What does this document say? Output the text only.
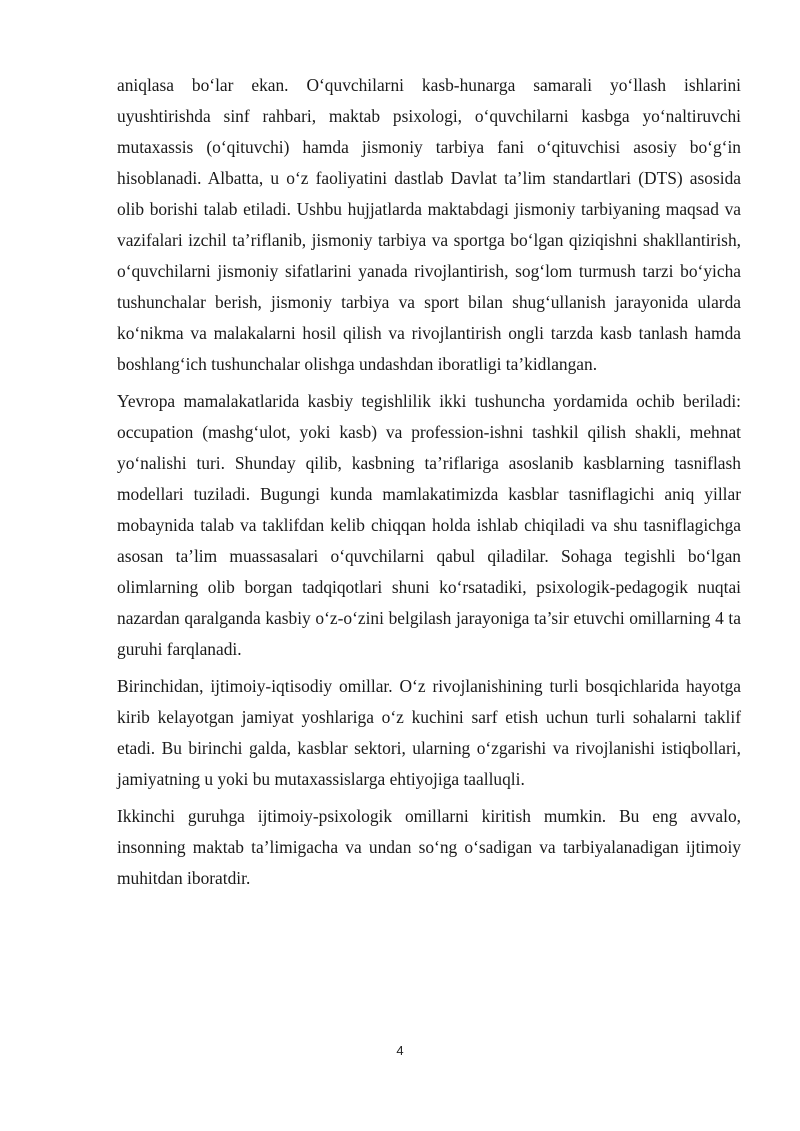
aniqlasa bo‘lar ekan. O‘quvchilarni kasb-hunarga samarali yo‘llash ishlarini uyushtirishda sinf rahbari, maktab psixologi, o‘quvchilarni kasbga yo‘naltiruvchi mutaxassis (o‘qituvchi) hamda jismoniy tarbiya fani o‘qituvchisi asosiy bo‘g‘in hisoblanadi. Albatta, u o‘z faoliyatini dastlab Davlat ta’lim standartlari (DTS) asosida olib borishi talab etiladi. Ushbu hujjatlarda maktabdagi jismoniy tarbiyaning maqsad va vazifalari izchil ta’riflanib, jismoniy tarbiya va sportga bo‘lgan qiziqishni shakllantirish, o‘quvchilarni jismoniy sifatlarini yanada rivojlantirish, sog‘lom turmush tarzi bo‘yicha tushunchalar berish, jismoniy tarbiya va sport bilan shug‘ullanish jarayonida ularda ko‘nikma va malakalarni hosil qilish va rivojlantirish ongli tarzda kasb tanlash hamda boshlang‘ich tushunchalar olishga undashdan iboratligi ta’kidlangan.

Yevropa mamalakatlarida kasbiy tegishlilik ikki tushuncha yordamida ochib beriladi: occupation (mashg‘ulot, yoki kasb) va profession-ishni tashkil qilish shakli, mehnat yo‘nalishi turi. Shunday qilib, kasbning ta’riflariga asoslanib kasblarning tasniflash modellari tuziladi. Bugungi kunda mamlakatimizda kasblar tasniflagichi aniq yillar mobaynida talab va taklifdan kelib chiqqan holda ishlab chiqiladi va shu tasniflagichga asosan ta’lim muassasalari o‘quvchilarni qabul qiladilar. Sohaga tegishli bo‘lgan olimlarning olib borgan tadqiqotlari shuni ko‘rsatadiki, psixologik-pedagogik nuqtai nazardan qaralganda kasbiy o‘z-o‘zini belgilash jarayoniga ta’sir etuvchi omillarning 4 ta guruhi farqlanadi.

Birinchidan, ijtimoiy-iqtisodiy omillar. O‘z rivojlanishining turli bosqichlarida hayotga kirib kelayotgan jamiyat yoshlariga o‘z kuchini sarf etish uchun turli sohalarni taklif etadi. Bu birinchi galda, kasblar sektori, ularning o‘zgarishi va rivojlanishi istiqbollari, jamiyatning u yoki bu mutaxassislarga ehtiyojiga taalluqli.

Ikkinchi guruhga ijtimoiy-psixologik omillarni kiritish mumkin. Bu eng avvalo, insonning maktab ta’limigacha va undan so‘ng o‘sadigan va tarbiyalanadigan ijtimoiy muhitdan iboratdir.

4
